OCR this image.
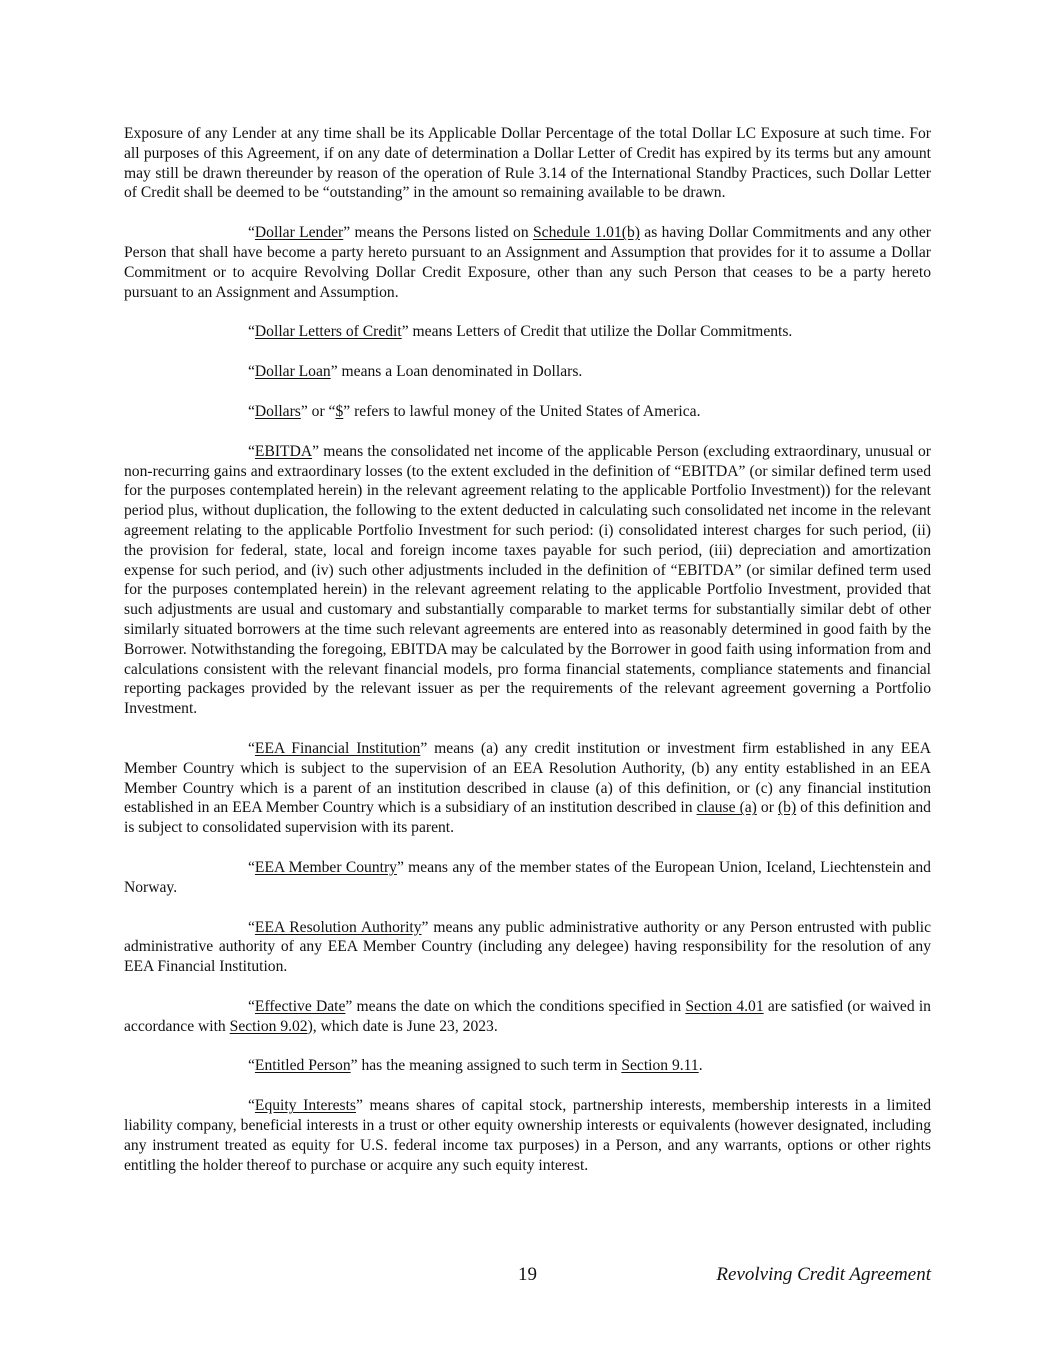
Exposure of any Lender at any time shall be its Applicable Dollar Percentage of the total Dollar LC Exposure at such time. For all purposes of this Agreement, if on any date of determination a Dollar Letter of Credit has expired by its terms but any amount may still be drawn thereunder by reason of the operation of Rule 3.14 of the International Standby Practices, such Dollar Letter of Credit shall be deemed to be “outstanding” in the amount so remaining available to be drawn.

“Dollar Lender” means the Persons listed on Schedule 1.01(b) as having Dollar Commitments and any other Person that shall have become a party hereto pursuant to an Assignment and Assumption that provides for it to assume a Dollar Commitment or to acquire Revolving Dollar Credit Exposure, other than any such Person that ceases to be a party hereto pursuant to an Assignment and Assumption.

“Dollar Letters of Credit” means Letters of Credit that utilize the Dollar Commitments.

“Dollar Loan” means a Loan denominated in Dollars.

“Dollars” or “$” refers to lawful money of the United States of America.

“EBITDA” means the consolidated net income of the applicable Person (excluding extraordinary, unusual or non-recurring gains and extraordinary losses (to the extent excluded in the definition of “EBITDA” (or similar defined term used for the purposes contemplated herein) in the relevant agreement relating to the applicable Portfolio Investment)) for the relevant period plus, without duplication, the following to the extent deducted in calculating such consolidated net income in the relevant agreement relating to the applicable Portfolio Investment for such period: (i) consolidated interest charges for such period, (ii) the provision for federal, state, local and foreign income taxes payable for such period, (iii) depreciation and amortization expense for such period, and (iv) such other adjustments included in the definition of “EBITDA” (or similar defined term used for the purposes contemplated herein) in the relevant agreement relating to the applicable Portfolio Investment, provided that such adjustments are usual and customary and substantially comparable to market terms for substantially similar debt of other similarly situated borrowers at the time such relevant agreements are entered into as reasonably determined in good faith by the Borrower. Notwithstanding the foregoing, EBITDA may be calculated by the Borrower in good faith using information from and calculations consistent with the relevant financial models, pro forma financial statements, compliance statements and financial reporting packages provided by the relevant issuer as per the requirements of the relevant agreement governing a Portfolio Investment.

“EEA Financial Institution” means (a) any credit institution or investment firm established in any EEA Member Country which is subject to the supervision of an EEA Resolution Authority, (b) any entity established in an EEA Member Country which is a parent of an institution described in clause (a) of this definition, or (c) any financial institution established in an EEA Member Country which is a subsidiary of an institution described in clause (a) or (b) of this definition and is subject to consolidated supervision with its parent.

“EEA Member Country” means any of the member states of the European Union, Iceland, Liechtenstein and Norway.

“EEA Resolution Authority” means any public administrative authority or any Person entrusted with public administrative authority of any EEA Member Country (including any delegee) having responsibility for the resolution of any EEA Financial Institution.

“Effective Date” means the date on which the conditions specified in Section 4.01 are satisfied (or waived in accordance with Section 9.02), which date is June 23, 2023.

“Entitled Person” has the meaning assigned to such term in Section 9.11.

“Equity Interests” means shares of capital stock, partnership interests, membership interests in a limited liability company, beneficial interests in a trust or other equity ownership interests or equivalents (however designated, including any instrument treated as equity for U.S. federal income tax purposes) in a Person, and any warrants, options or other rights entitling the holder thereof to purchase or acquire any such equity interest.

19	Revolving Credit Agreement
